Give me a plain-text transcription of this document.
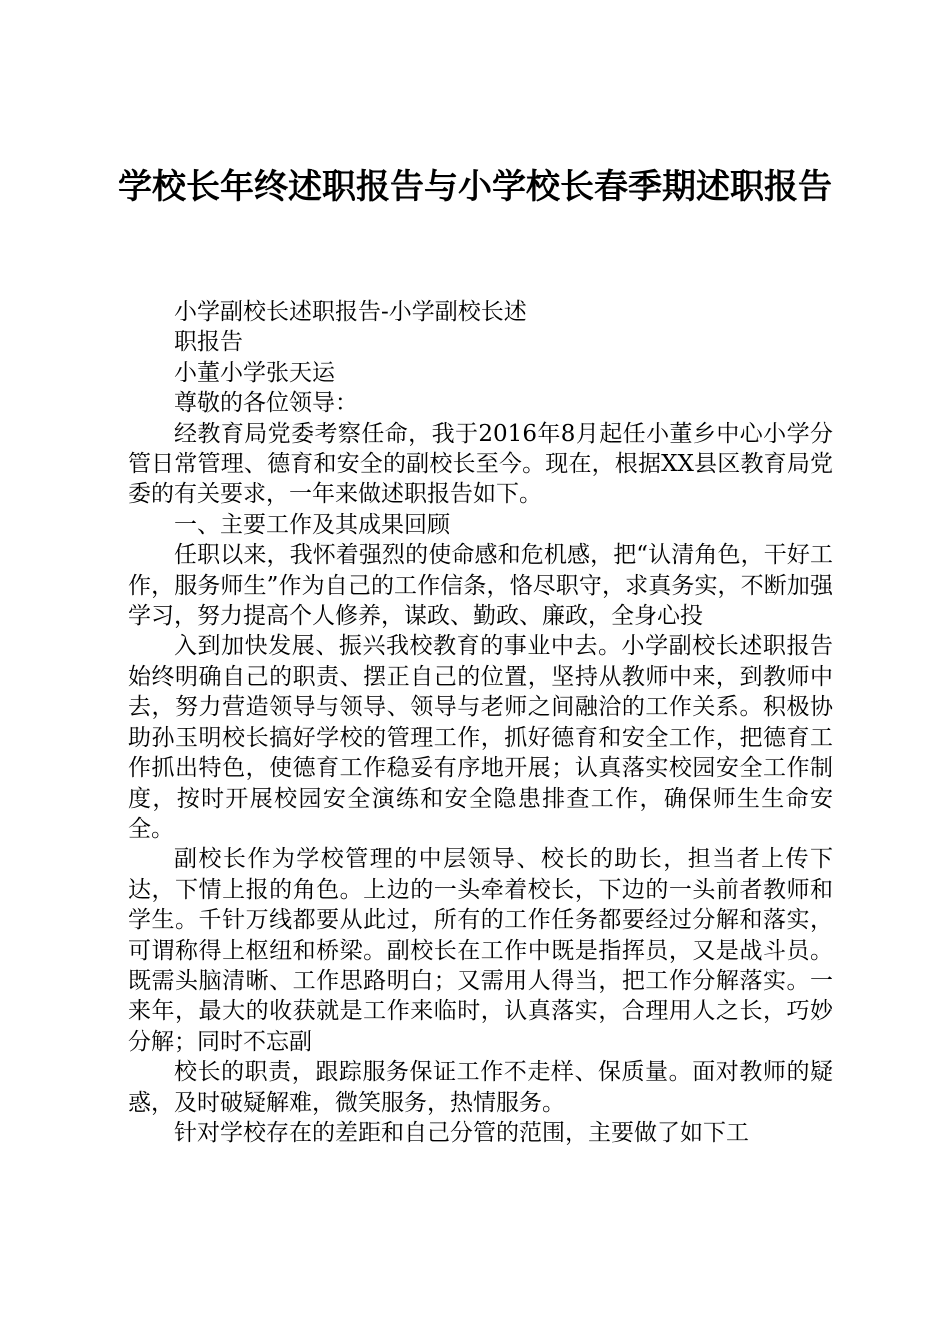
学校长年终述职报告与小学校长春季期述职报告

小学副校长述职报告-小学副校长述

职报告

小董小学张天运

尊敬的各位领导：

经教育局党委考察任命，我于2016年8月起任小董乡中心小学分管日常管理、德育和安全的副校长至今。现在，根据XX县区教育局党委的有关要求，一年来做述职报告如下。

一、主要工作及其成果回顾

任职以来，我怀着强烈的使命感和危机感，把“认清角色，干好工作，服务师生”作为自己的工作信条，恪尽职守，求真务实，不断加强学习，努力提高个人修养，谋政、勤政、廉政，全身心投

入到加快发展、振兴我校教育的事业中去。小学副校长述职报告始终明确自己的职责、摆正自己的位置，坚持从教师中来，到教师中去，努力营造领导与领导、领导与老师之间融洽的工作关系。积极协助孙玉明校长搞好学校的管理工作，抓好德育和安全工作，把德育工作抓出特色，使德育工作稳妥有序地开展；认真落实校园安全工作制度，按时开展校园安全演练和安全隐患排查工作，确保师生生命安全。

副校长作为学校管理的中层领导、校长的助长，担当者上传下达，下情上报的角色。上边的一头牵着校长，下边的一头前者教师和学生。千针万线都要从此过，所有的工作任务都要经过分解和落实，可谓称得上枢纽和桥梁。副校长在工作中既是指挥员，又是战斗员。既需头脑清晰、工作思路明白；又需用人得当，把工作分解落实。一来年，最大的收获就是工作来临时，认真落实，合理用人之长，巧妙分解；同时不忘副

校长的职责，跟踪服务保证工作不走样、保质量。面对教师的疑惑，及时破疑解难，微笑服务，热情服务。

针对学校存在的差距和自己分管的范围，主要做了如下工
